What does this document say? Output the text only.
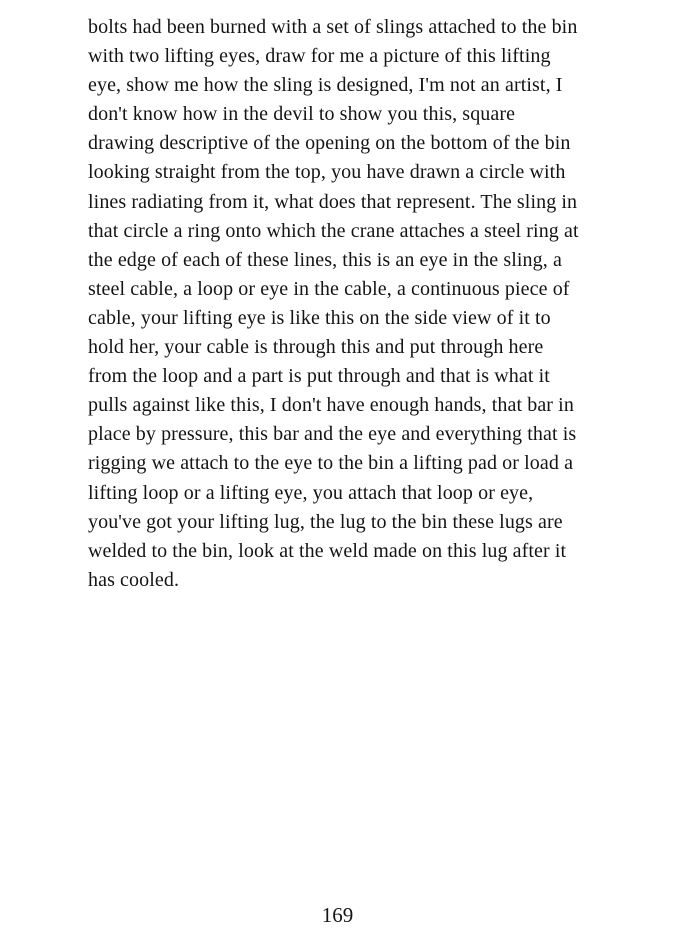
bolts had been burned with a set of slings attached to the bin
with two lifting eyes, draw for me a picture of this lifting
eye, show me how the sling is designed, I'm not an artist, I
don't know how in the devil to show you this, square
drawing descriptive of the opening on the bottom of the bin
looking straight from the top, you have drawn a circle with
lines radiating from it, what does that represent. The sling in
that circle a ring onto which the crane attaches a steel ring at
the edge of each of these lines, this is an eye in the sling, a
steel cable, a loop or eye in the cable, a continuous piece of
cable, your lifting eye is like this on the side view of it to
hold her, your cable is through this and put through here
from the loop and a part is put through and that is what it
pulls against like this, I don't have enough hands, that bar in
place by pressure, this bar and the eye and everything that is
rigging we attach to the eye to the bin a lifting pad or load a
lifting loop or a lifting eye, you attach that loop or eye,
you've got your lifting lug, the lug to the bin these lugs are
welded to the bin, look at the weld made on this lug after it
has cooled.
169
